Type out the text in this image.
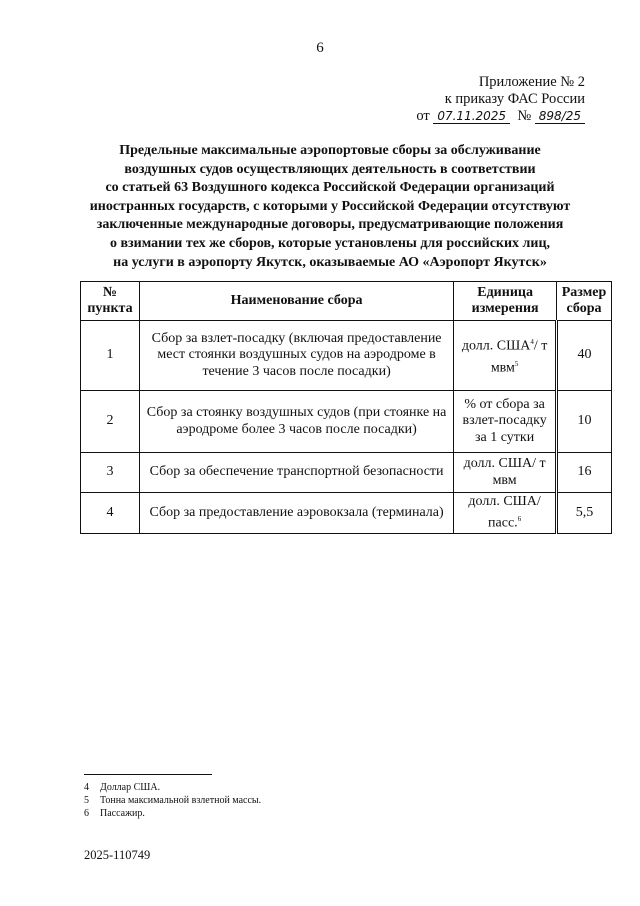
6
Приложение № 2
к приказу ФАС России
от 07.11.2025 № 898/25
Предельные максимальные аэропортовые сборы за обслуживание
воздушных судов осуществляющих деятельность в соответствии
со статьей 63 Воздушного кодекса Российской Федерации организаций
иностранных государств, с которыми у Российской Федерации отсутствуют
заключенные международные договоры, предусматривающие положения
о взимании тех же сборов, которые установлены для российских лиц,
на услуги в аэропорту Якутск, оказываемые АО «Аэропорт Якутск»
№ пункта	Наименование сбора	Единица измерения	Размер сбора
1	Сбор за взлет-посадку (включая предоставление мест стоянки воздушных судов на аэродроме в течение 3 часов после посадки)	долл. США$^4$/ т мвм$^5$	40
2	Сбор за стоянку воздушных судов (при стоянке на аэродроме более 3 часов после посадки)	% от сбора за взлет-посадку за 1 сутки	10
3	Сбор за обеспечение транспортной безопасности	долл. США/ т мвм	16
4	Сбор за предоставление аэровокзала (терминала)	долл. США/ пасс.$^6$	5,5
4 Доллар США.
5 Тонна максимальной взлетной массы.
6 Пассажир.
2025-110749
